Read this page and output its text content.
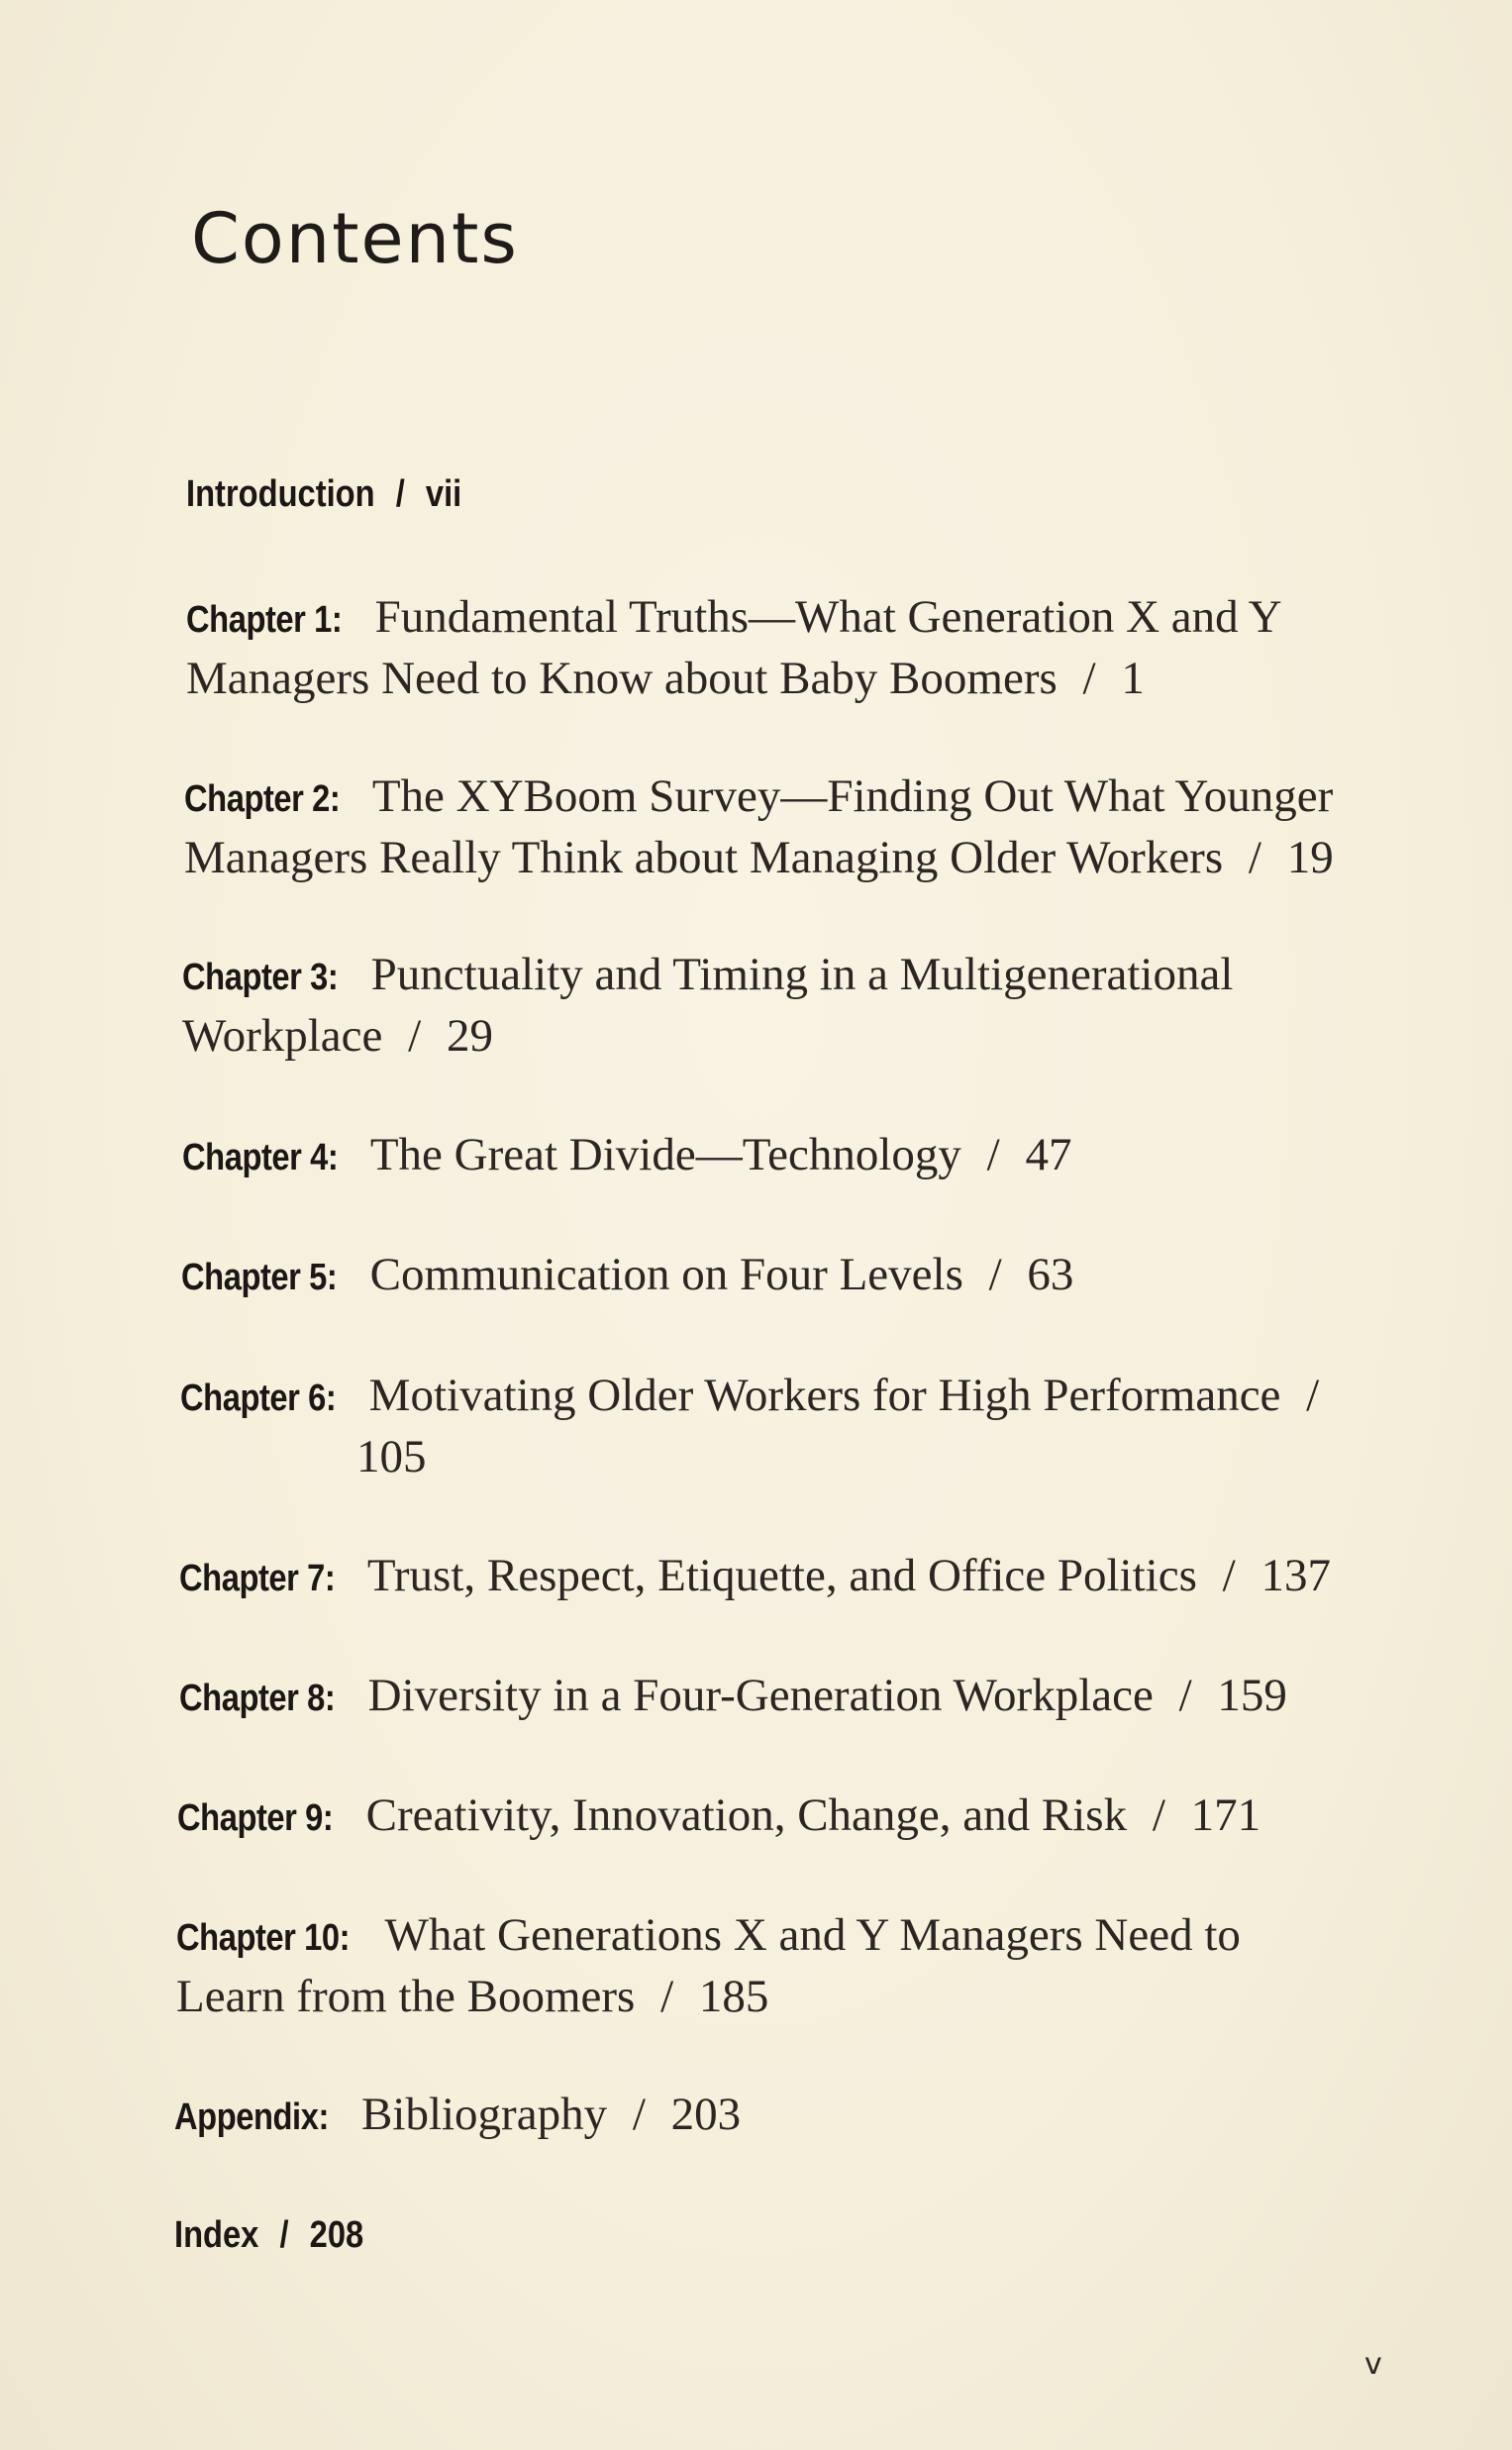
Contents
Introduction / vii
Chapter 1: Fundamental Truths—What Generation X and Y
Managers Need to Know about Baby Boomers / 1
Chapter 2: The XYBoom Survey—Finding Out What Younger
Managers Really Think about Managing Older Workers / 19
Chapter 3: Punctuality and Timing in a Multigenerational
Workplace / 29
Chapter 4: The Great Divide—Technology / 47
Chapter 5: Communication on Four Levels / 63
Chapter 6: Motivating Older Workers for High Performance /
105
Chapter 7: Trust, Respect, Etiquette, and Office Politics / 137
Chapter 8: Diversity in a Four-Generation Workplace / 159
Chapter 9: Creativity, Innovation, Change, and Risk / 171
Chapter 10: What Generations X and Y Managers Need to
Learn from the Boomers / 185
Appendix: Bibliography / 203
Index / 208
v
